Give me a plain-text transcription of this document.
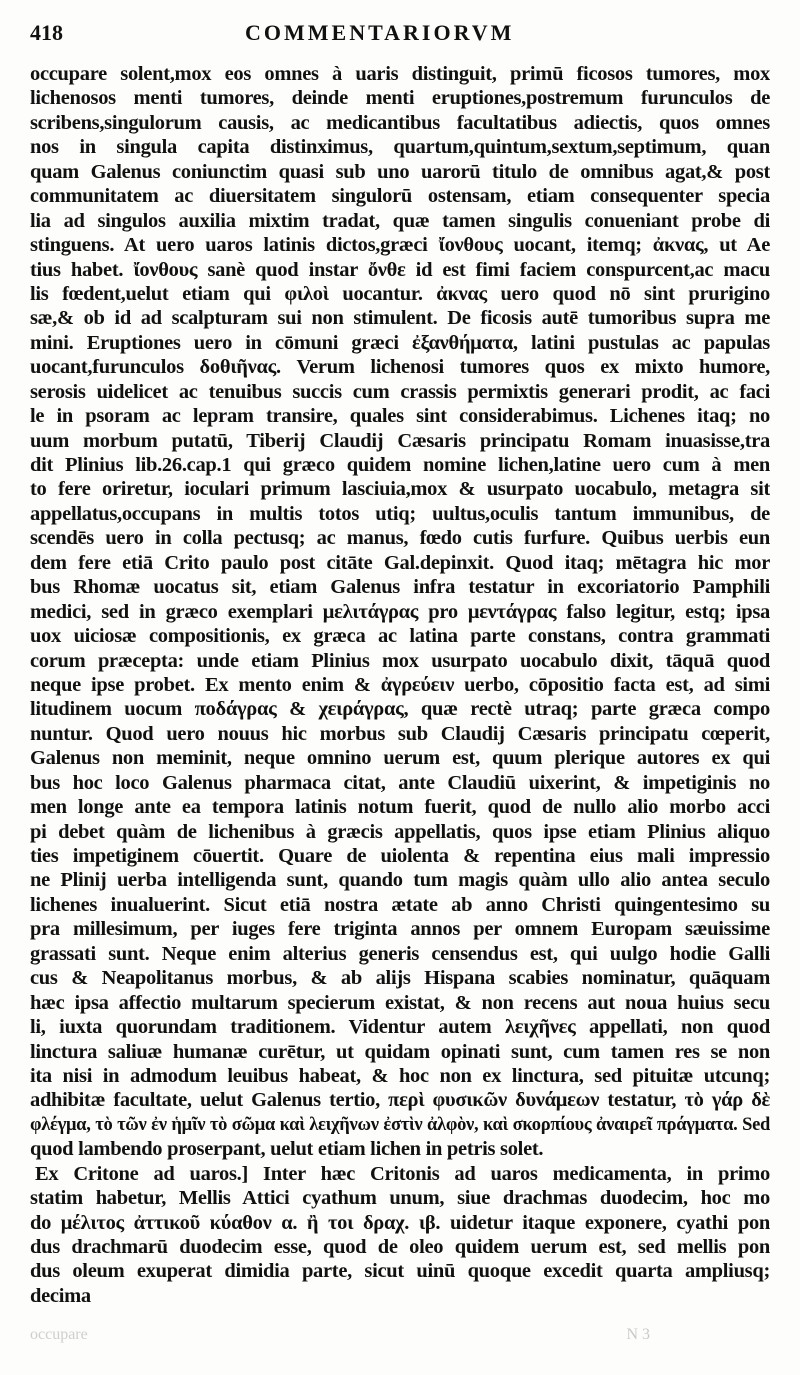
418	COMMENTARIORVM
occupare solent,mox eos omnes à uaris distinguit, primū ficosos tumores, mox
lichenosos menti tumores, deinde menti eruptiones,postremum furunculos de
scribens,singulorum causis, ac medicantibus facultatibus adiectis, quos omnes
nos in singula capita distinximus, quartum,quintum,sextum,septimum, quan
quam Galenus coniunctim quasi sub uno uarorū titulo de omnibus agat,& post
communitatem ac diuersitatem singulorū ostensam, etiam consequenter specia
lia ad singulos auxilia mixtim tradat, quæ tamen singulis conueniant probe di
stinguens. At uero uaros latinis dictos,græci ἴονθους uocant, itemq; ἀκνας, ut Ae
tius habet. ἴονθους sanè quod instar ὄνθε id est fimi faciem conspurcent,ac macu
lis fœdent,uelut etiam qui φιλοὶ uocantur. ἀκνας uero quod nō sint prurigino
sæ,& ob id ad scalpturam sui non stimulent. De ficosis autē tumoribus supra me
mini. Eruptiones uero in cōmuni græci ἐξανθήματα, latini pustulas ac papulas
uocant,furunculos δοθιῆνας. Verum lichenosi tumores quos ex mixto humore,
serosis uidelicet ac tenuibus succis cum crassis permixtis generari prodit, ac faci
le in psoram ac lepram transire, quales sint considerabimus. Lichenes itaq; no
uum morbum putatū, Tiberij Claudij Cæsaris principatu Romam inuasisse,tra
dit Plinius lib.26.cap.1 qui græco quidem nomine lichen,latine uero cum à men
to fere oriretur, ioculari primum lasciuia,mox & usurpato uocabulo, metagra sit
appellatus,occupans in multis totos utiq; uultus,oculis tantum immunibus, de
scendēs uero in colla pectusq; ac manus, fœdo cutis furfure. Quibus uerbis eun
dem fere etiā Crito paulo post citāte Gal.depinxit. Quod itaq; mētagra hic mor
bus Rhomæ uocatus sit, etiam Galenus infra testatur in excoriatorio Pamphili
medici, sed in græco exemplari μελιτάγρας pro μεντάγρας falso legitur, estq; ipsa
uox uiciosæ compositionis, ex græca ac latina parte constans, contra grammati
corum præcepta: unde etiam Plinius mox usurpato uocabulo dixit, tāquā quod
neque ipse probet. Ex mento enim & ἀγρεύειν uerbo, cōpositio facta est, ad simi
litudinem uocum ποδάγρας & χειράγρας, quæ rectè utraq; parte græca compo
nuntur. Quod uero nouus hic morbus sub Claudij Cæsaris principatu cœperit,
Galenus non meminit, neque omnino uerum est, quum plerique autores ex qui
bus hoc loco Galenus pharmaca citat, ante Claudiū uixerint, & impetiginis no
men longe ante ea tempora latinis notum fuerit, quod de nullo alio morbo acci
pi debet quàm de lichenibus à græcis appellatis, quos ipse etiam Plinius aliquo
ties impetiginem cōuertit. Quare de uiolenta & repentina eius mali impressio
ne Plinij uerba intelligenda sunt, quando tum magis quàm ullo alio antea seculo
lichenes inualuerint. Sicut etiā nostra ætate ab anno Christi quingentesimo su
pra millesimum, per iuges fere triginta annos per omnem Europam sæuissime
grassati sunt. Neque enim alterius generis censendus est, qui uulgo hodie Galli
cus & Neapolitanus morbus, & ab alijs Hispana scabies nominatur, quāquam
hæc ipsa affectio multarum specierum existat, & non recens aut noua huius secu
li, iuxta quorundam traditionem. Videntur autem λειχῆνες appellati, non quod
linctura saliuæ humanæ curētur, ut quidam opinati sunt, cum tamen res se non
ita nisi in admodum leuibus habeat, & hoc non ex linctura, sed pituitæ utcunq;
adhibitæ facultate, uelut Galenus tertio, περὶ φυσικῶν δυνάμεων testatur, τὸ γάρ δὲ
φλέγμα, τὸ τῶν ἐν ἡμῖν τὸ σῶμα καὶ λειχῆνων ἐστὶν ἀλφὸν, καὶ σκορπίους ἀναιρεῖ πράγματα. Sed
quod lambendo proserpant, uelut etiam lichen in petris solet.
Ex Critone ad uaros.] Inter hæc Critonis ad uaros medicamenta, in primo
statim habetur, Mellis Attici cyathum unum, siue drachmas duodecim, hoc mo
do μέλιτος ἀττικοῦ κύαθον α. ἢ τοι δραχ. ιβ. uidetur itaque exponere, cyathi pon
dus drachmarū duodecim esse, quod de oleo quidem uerum est, sed mellis pon
dus oleum exuperat dimidia parte, sicut uinū quoque excedit quarta ampliusq;
decima
occupare	N 3
